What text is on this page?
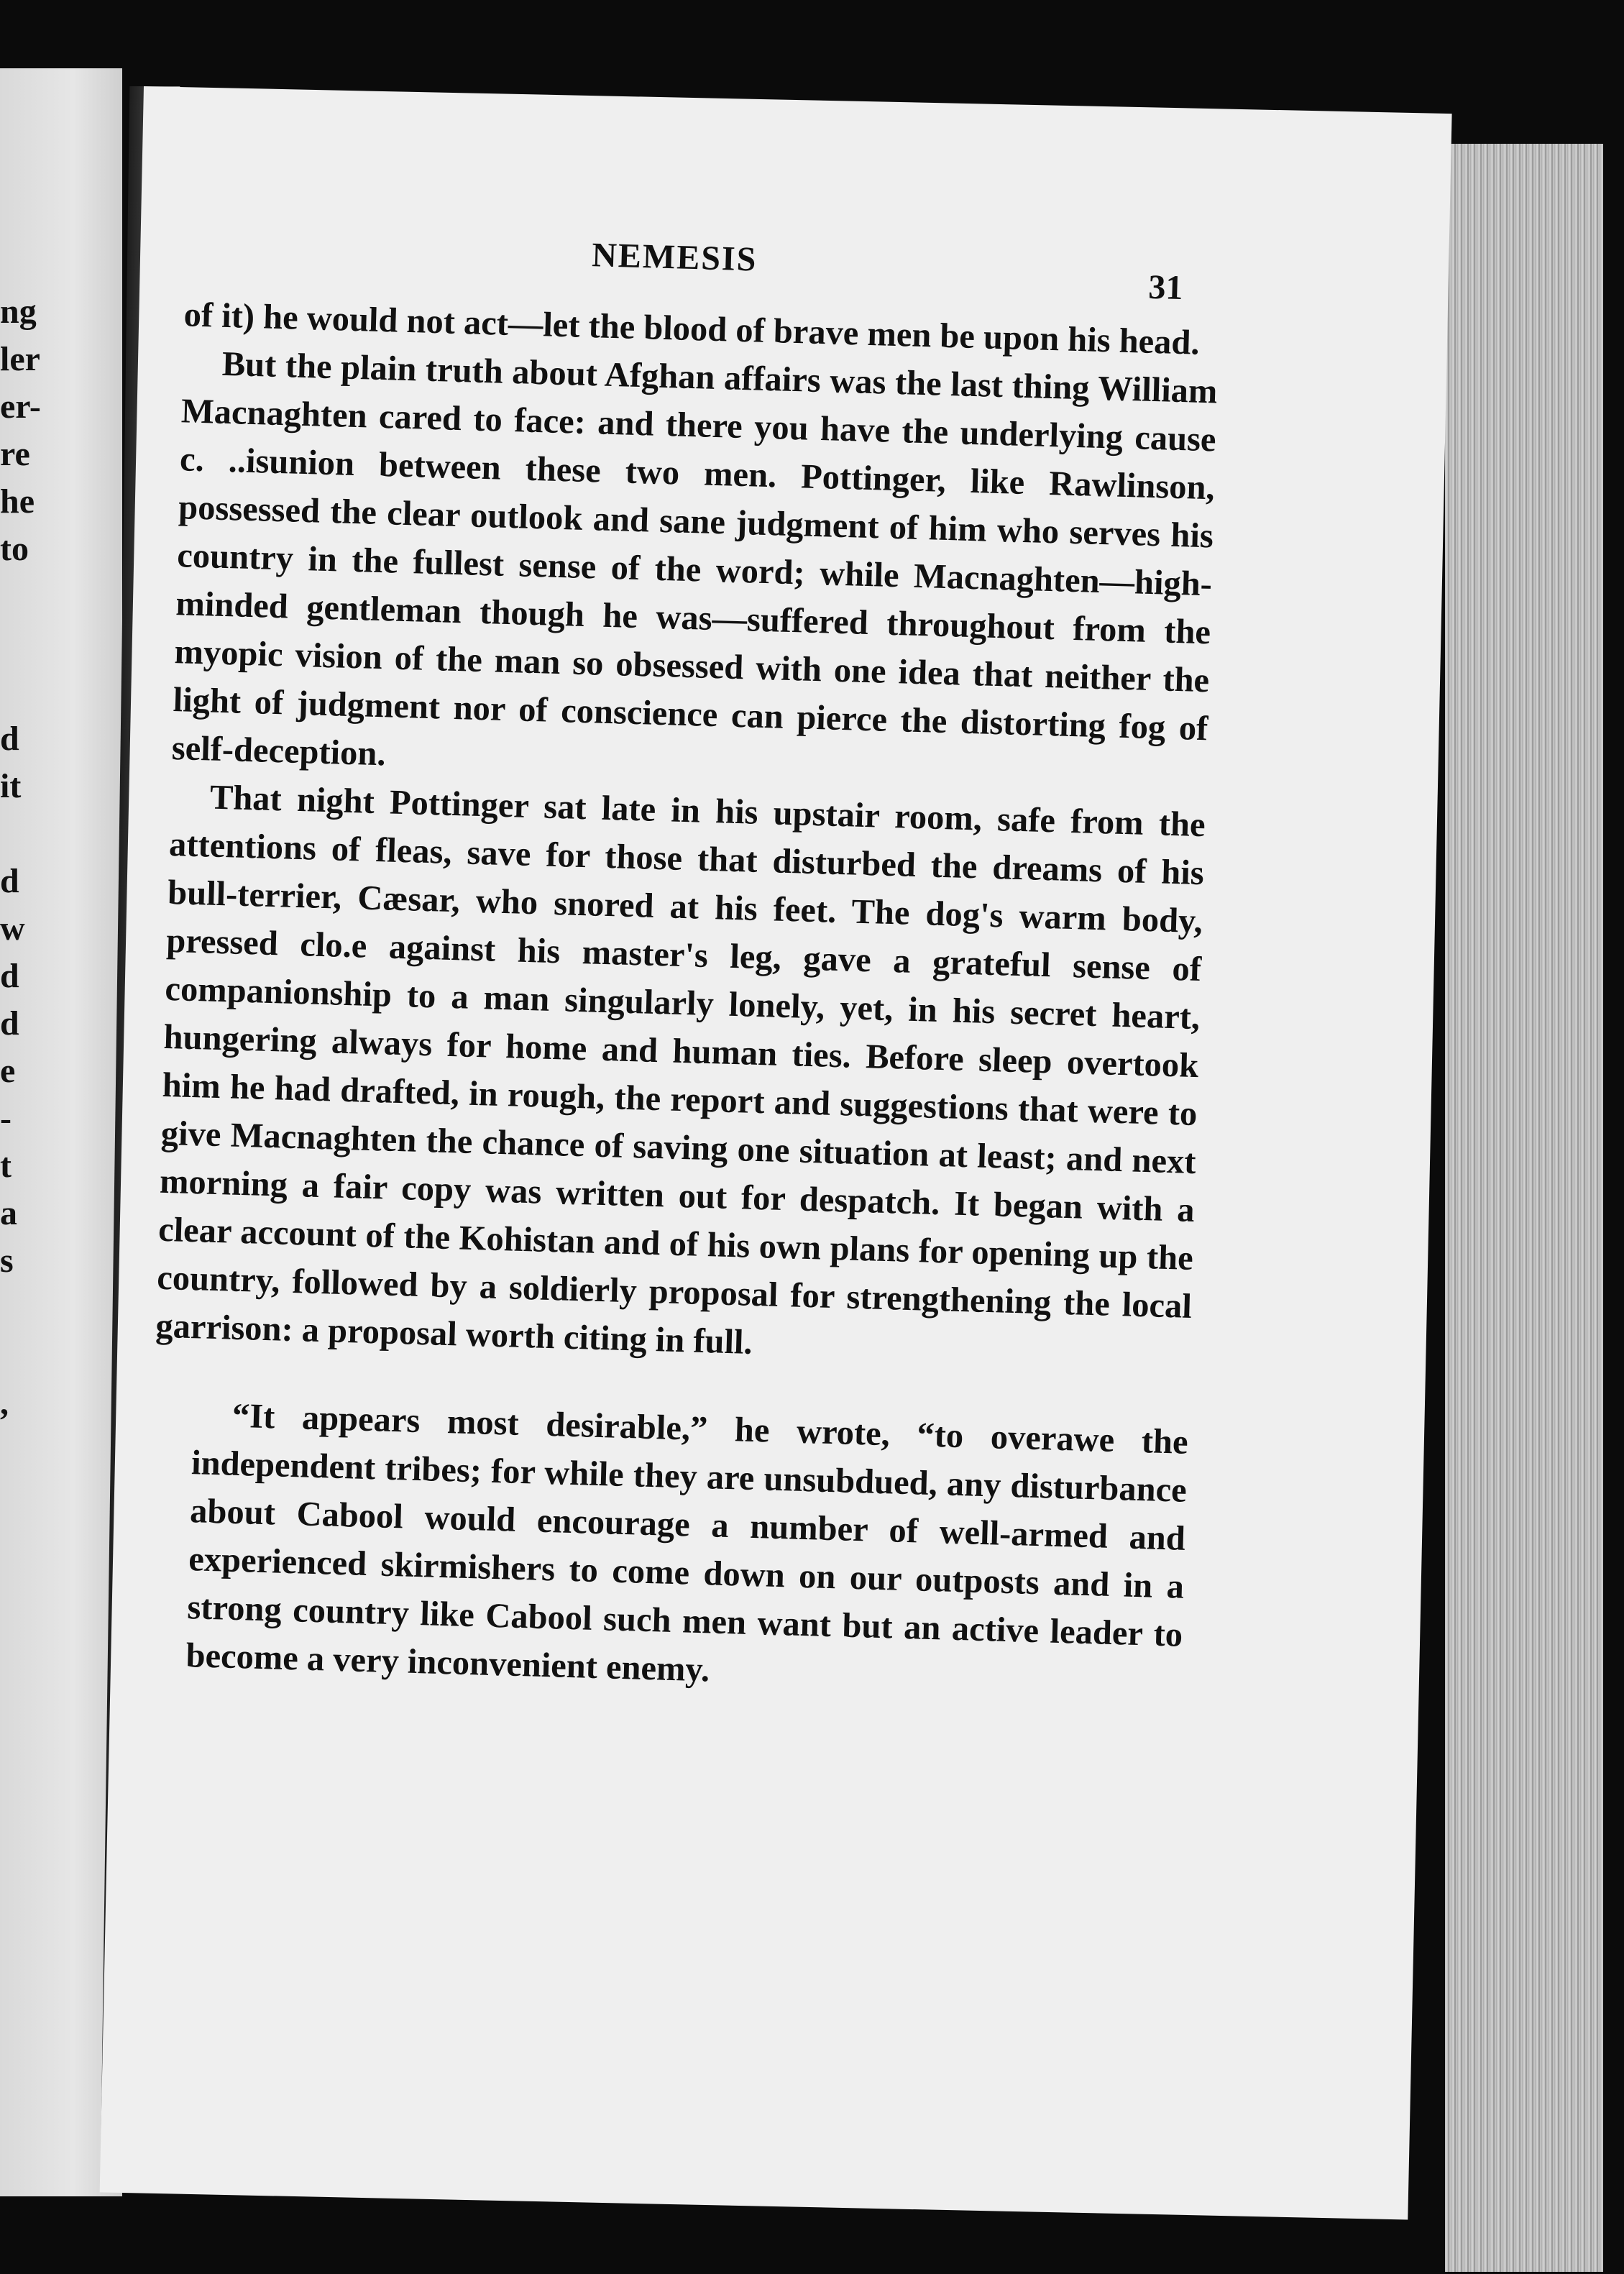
ng
ler
er-
re
he
to
d
it
d
w
d
d
e
-
t
a
s
,
NEMESIS
31

of it) he would not act—let the blood of brave men be upon his head.

But the plain truth about Afghan affairs was the last thing William Macnaghten cared to face: and there you have the underlying cause c. ..isunion between these two men. Pottinger, like Rawlinson, possessed the clear outlook and sane judgment of him who serves his country in the fullest sense of the word; while Macnaghten—high-minded gentleman though he was—suffered throughout from the myopic vision of the man so obsessed with one idea that neither the light of judgment nor of conscience can pierce the distorting fog of self-deception.

That night Pottinger sat late in his upstair room, safe from the attentions of fleas, save for those that disturbed the dreams of his bull-terrier, Cæsar, who snored at his feet. The dog's warm body, pressed clo.e against his master's leg, gave a grateful sense of companionship to a man singularly lonely, yet, in his secret heart, hungering always for home and human ties. Before sleep overtook him he had drafted, in rough, the report and suggestions that were to give Macnaghten the chance of saving one situation at least; and next morning a fair copy was written out for despatch. It began with a clear account of the Kohistan and of his own plans for opening up the country, followed by a soldierly proposal for strengthening the local garrison: a proposal worth citing in full.

“It appears most desirable,” he wrote, “to overawe the independent tribes; for while they are unsubdued, any disturbance about Cabool would encourage a number of well-armed and experienced skirmishers to come down on our outposts and in a strong country like Cabool such men want but an active leader to become a very inconvenient enemy.
